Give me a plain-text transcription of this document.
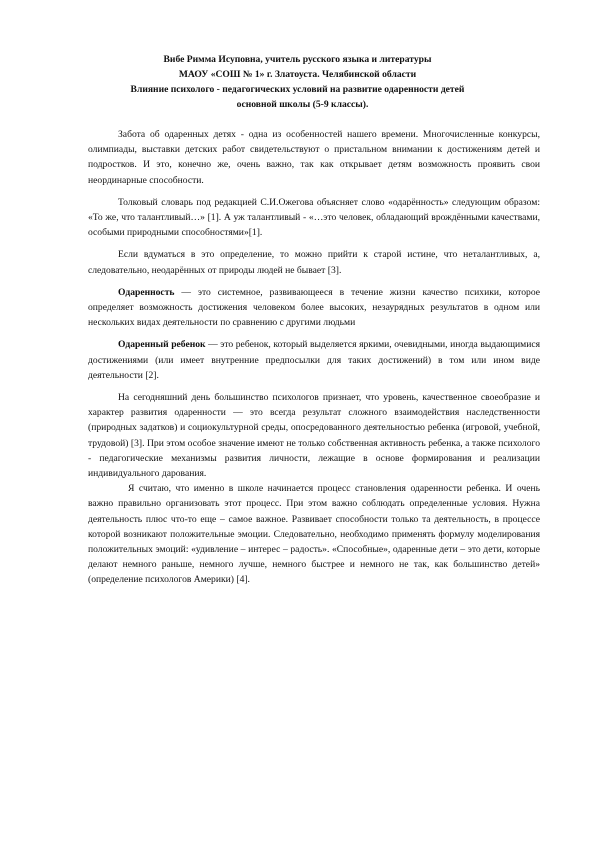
Вибе Римма Исуповна, учитель русского языка и литературы
МАОУ «СОШ № 1» г. Златоуста. Челябинской области
Влияние психолого - педагогических условий на развитие одаренности детей
основной школы (5-9 классы).

Забота об одаренных детях - одна из особенностей нашего времени. Многочисленные конкурсы, олимпиады, выставки детских работ свидетельствуют о пристальном внимании к достижениям детей и подростков. И это, конечно же, очень важно, так как открывает детям возможность проявить свои неординарные способности.

Толковый словарь под редакцией С.И.Ожегова объясняет слово «одарённость» следующим образом: «То же, что талантливый…» [1]. А уж талантливый - «…это человек, обладающий врождёнными качествами, особыми природными способностями»[1].

Если вдуматься в это определение, то можно прийти к старой истине, что неталантливых, а, следовательно, неодарённых от природы людей не бывает [3].

Одаренность — это системное, развивающееся в течение жизни качество психики, которое определяет возможность достижения человеком более высоких, незаурядных результатов в одном или нескольких видах деятельности по сравнению с другими людьми

Одаренный ребенок — это ребенок, который выделяется яркими, очевидными, иногда выдающимися достижениями (или имеет внутренние предпосылки для таких достижений) в том или ином виде деятельности [2].

На сегодняшний день большинство психологов признает, что уровень, качественное своеобразие и характер развития одаренности — это всегда результат сложного взаимодействия наследственности (природных задатков) и социокультурной среды, опосредованного деятельностью ребенка (игровой, учебной, трудовой) [3]. При этом особое значение имеют не только собственная активность ребенка, а также психолого - педагогические механизмы развития личности, лежащие в основе формирования и реализации индивидуального дарования.

Я считаю, что именно в школе начинается процесс становления одаренности ребенка. И очень важно правильно организовать этот процесс. При этом важно соблюдать определенные условия. Нужна деятельность плюс что-то еще – самое важное. Развивает способности только та деятельность, в процессе которой возникают положительные эмоции. Следовательно, необходимо применять формулу моделирования положительных эмоций: «удивление – интерес – радость». «Способные», одаренные дети – это дети, которые делают немного раньше, немного лучше, немного быстрее и немного не так, как большинство детей» (определение психологов Америки) [4].
